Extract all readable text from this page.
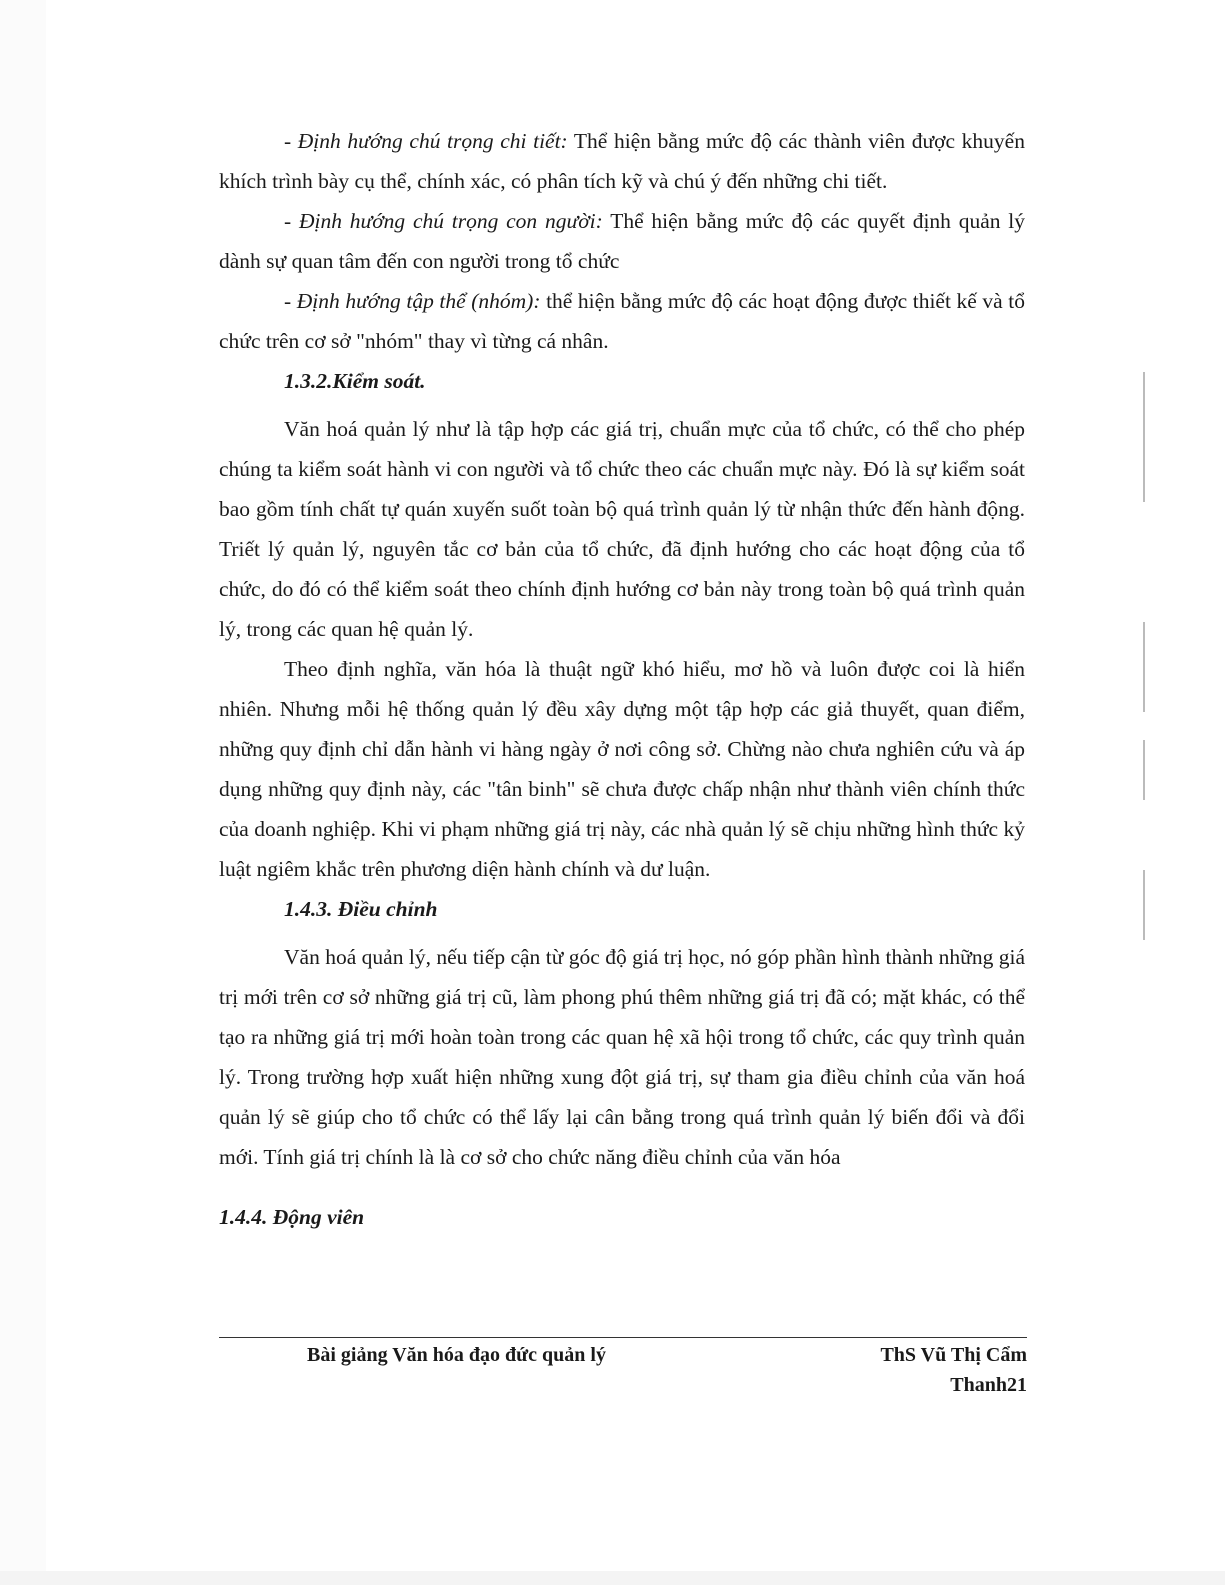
- Định hướng chú trọng chi tiết: Thể hiện bằng mức độ các thành viên được khuyến khích trình bày cụ thể, chính xác, có phân tích kỹ và chú ý đến những chi tiết.

- Định hướng chú trọng con người: Thể hiện bằng mức độ các quyết định quản lý dành sự quan tâm đến con người trong tổ chức

- Định hướng tập thể (nhóm): thể hiện bằng mức độ các hoạt động được thiết kế và tổ chức trên cơ sở "nhóm" thay vì từng cá nhân.

1.3.2.Kiểm soát.

Văn hoá quản lý như là tập hợp các giá trị, chuẩn mực của tổ chức, có thể cho phép chúng ta kiểm soát hành vi con người và tổ chức theo các chuẩn mực này. Đó là sự kiểm soát bao gồm tính chất tự quán xuyến suốt toàn bộ quá trình quản lý từ nhận thức đến hành động. Triết lý quản lý, nguyên tắc cơ bản của tổ chức, đã định hướng cho các hoạt động của tổ chức, do đó có thể kiểm soát theo chính định hướng cơ bản này trong toàn bộ quá trình quản lý, trong các quan hệ quản lý.

Theo định nghĩa, văn hóa là thuật ngữ khó hiểu, mơ hồ và luôn được coi là hiển nhiên. Nhưng mỗi hệ thống quản lý đều xây dựng một tập hợp các giả thuyết, quan điểm, những quy định chỉ dẫn hành vi hàng ngày ở nơi công sở. Chừng nào chưa nghiên cứu và áp dụng những quy định này, các "tân binh" sẽ chưa được chấp nhận như thành viên chính thức của doanh nghiệp. Khi vi phạm những giá trị này, các nhà quản lý sẽ chịu những hình thức kỷ luật ngiêm khắc trên phương diện hành chính và dư luận.

1.4.3. Điều chỉnh

Văn hoá quản lý, nếu tiếp cận từ góc độ giá trị học, nó góp phần hình thành những giá trị mới trên cơ sở những giá trị cũ, làm phong phú thêm những giá trị đã có; mặt khác, có thể tạo ra những giá trị mới hoàn toàn trong các quan hệ xã hội trong tổ chức, các quy trình quản lý. Trong trường hợp xuất hiện những xung đột giá trị, sự tham gia điều chỉnh của văn hoá quản lý sẽ giúp cho tổ chức có thể lấy lại cân bằng trong quá trình quản lý biến đổi và đổi mới. Tính giá trị chính là là cơ sở cho chức năng điều chỉnh của văn hóa

1.4.4. Động viên

Bài giảng Văn hóa đạo đức quản lý	ThS Vũ Thị Cẩm
Thanh21
